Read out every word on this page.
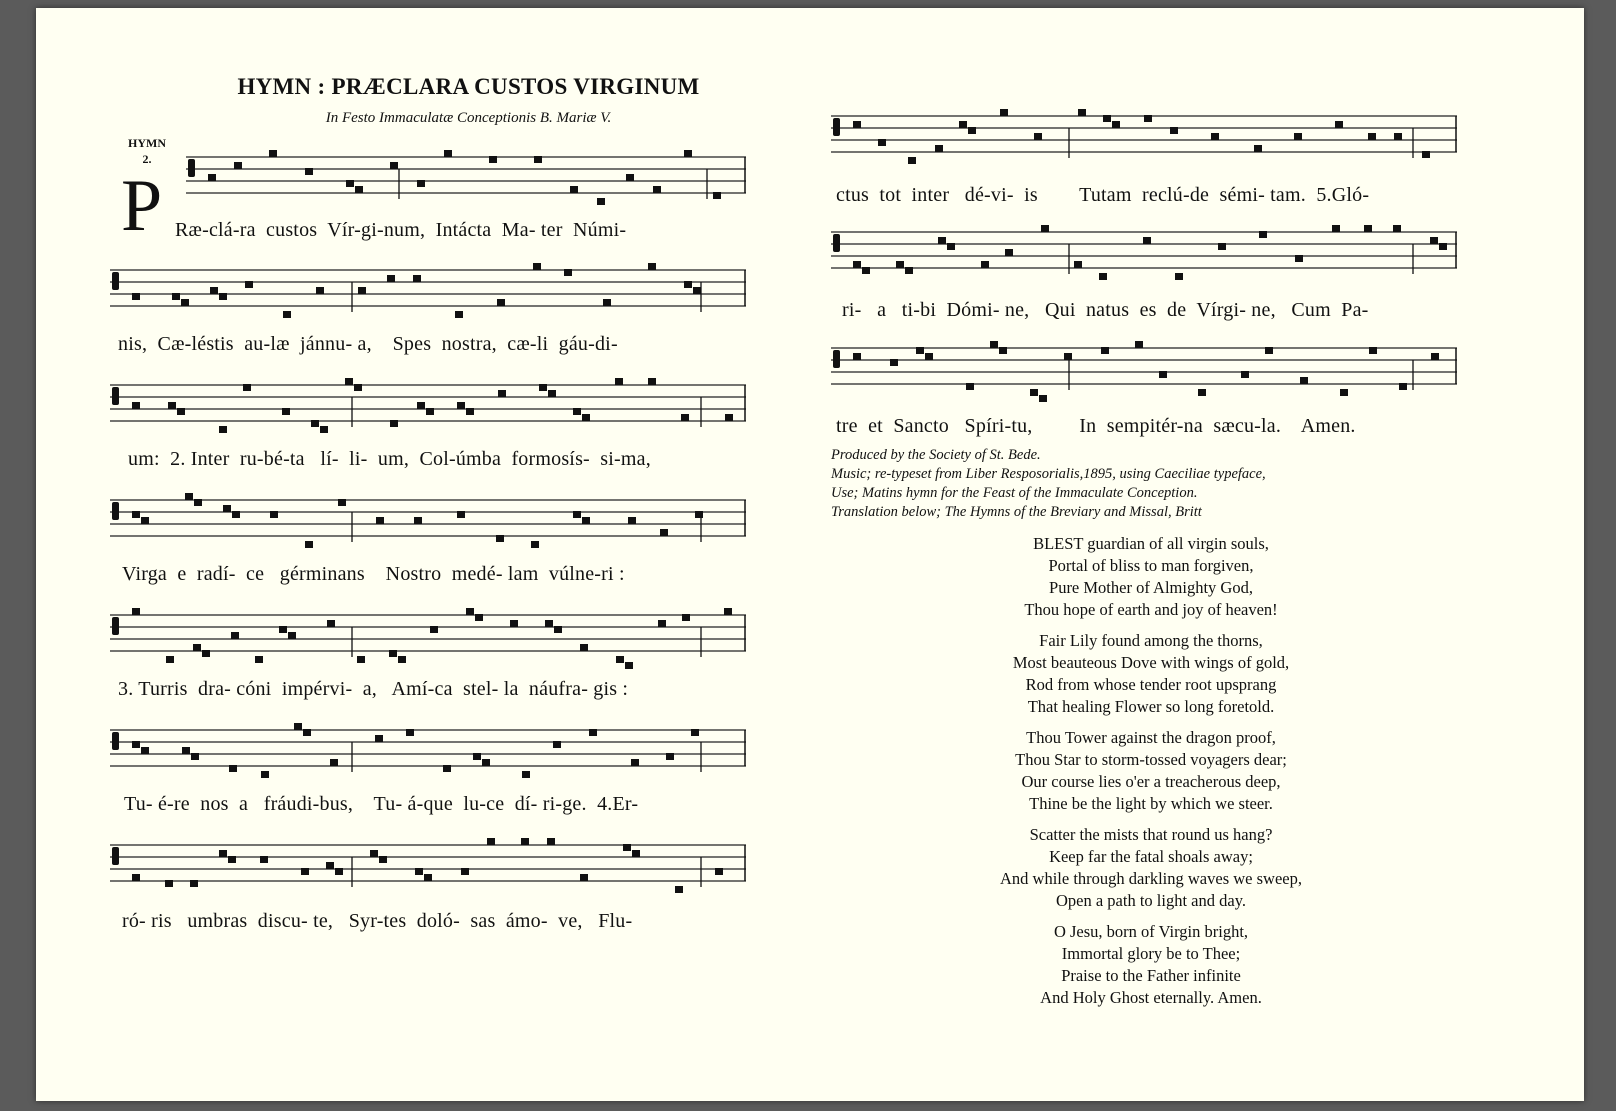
HYMN : PRÆCLARA CUSTOS VIRGINUM
In Festo Immaculatæ Conceptionis B. Mariæ V.
HYMN
2.
P Ræ-clá-ra  custos  Vír-gi-num,  Intácta  Ma- ter  Númi-
nis,  Cæ-léstis  au-læ  jánnu- a,    Spes  nostra,  cæ-li  gáu-di-
um:  2. Inter  ru-bé-ta   lí-  li-  um,  Col-úmba  formosís-  si-ma,
Virga  e  radí-  ce   gérminans    Nostro  medé- lam  vúlne-ri :
3. Turris  dra- cóni  impérvi-  a,   Amí-ca  stel- la  náufra- gis :
Tu- é-re  nos  a   fráudi-bus,    Tu- á-que  lu-ce  dí- ri-ge.  4.Er-
ró- ris   umbras  discu- te,   Syr-tes  doló-  sas  ámo-  ve,   Flu-
ctus  tot  inter   dé-vi-  is        Tutam  reclú-de  sémi- tam.  5.Gló-
ri-   a   ti-bi  Dómi- ne,   Qui  natus  es  de  Vírgi- ne,   Cum  Pa-
tre  et  Sancto   Spíri-tu,         In  sempitér-na  sæcu-la.    Amen.
Produced by the Society of St. Bede.
Music; re-typeset from Liber Resposorialis,1895, using Caeciliae typeface,
Use; Matins hymn for the Feast of the Immaculate Conception.
Translation below; The Hymns of the Breviary and Missal, Britt
BLEST guardian of all virgin souls,
Portal of bliss to man forgiven,
Pure Mother of Almighty God,
Thou hope of earth and joy of heaven!
Fair Lily found among the thorns,
Most beauteous Dove with wings of gold,
Rod from whose tender root upsprang
That healing Flower so long foretold.
Thou Tower against the dragon proof,
Thou Star to storm-tossed voyagers dear;
Our course lies o'er a treacherous deep,
Thine be the light by which we steer.
Scatter the mists that round us hang?
Keep far the fatal shoals away;
And while through darkling waves we sweep,
Open a path to light and day.
O Jesu, born of Virgin bright,
Immortal glory be to Thee;
Praise to the Father infinite
And Holy Ghost eternally. Amen.
